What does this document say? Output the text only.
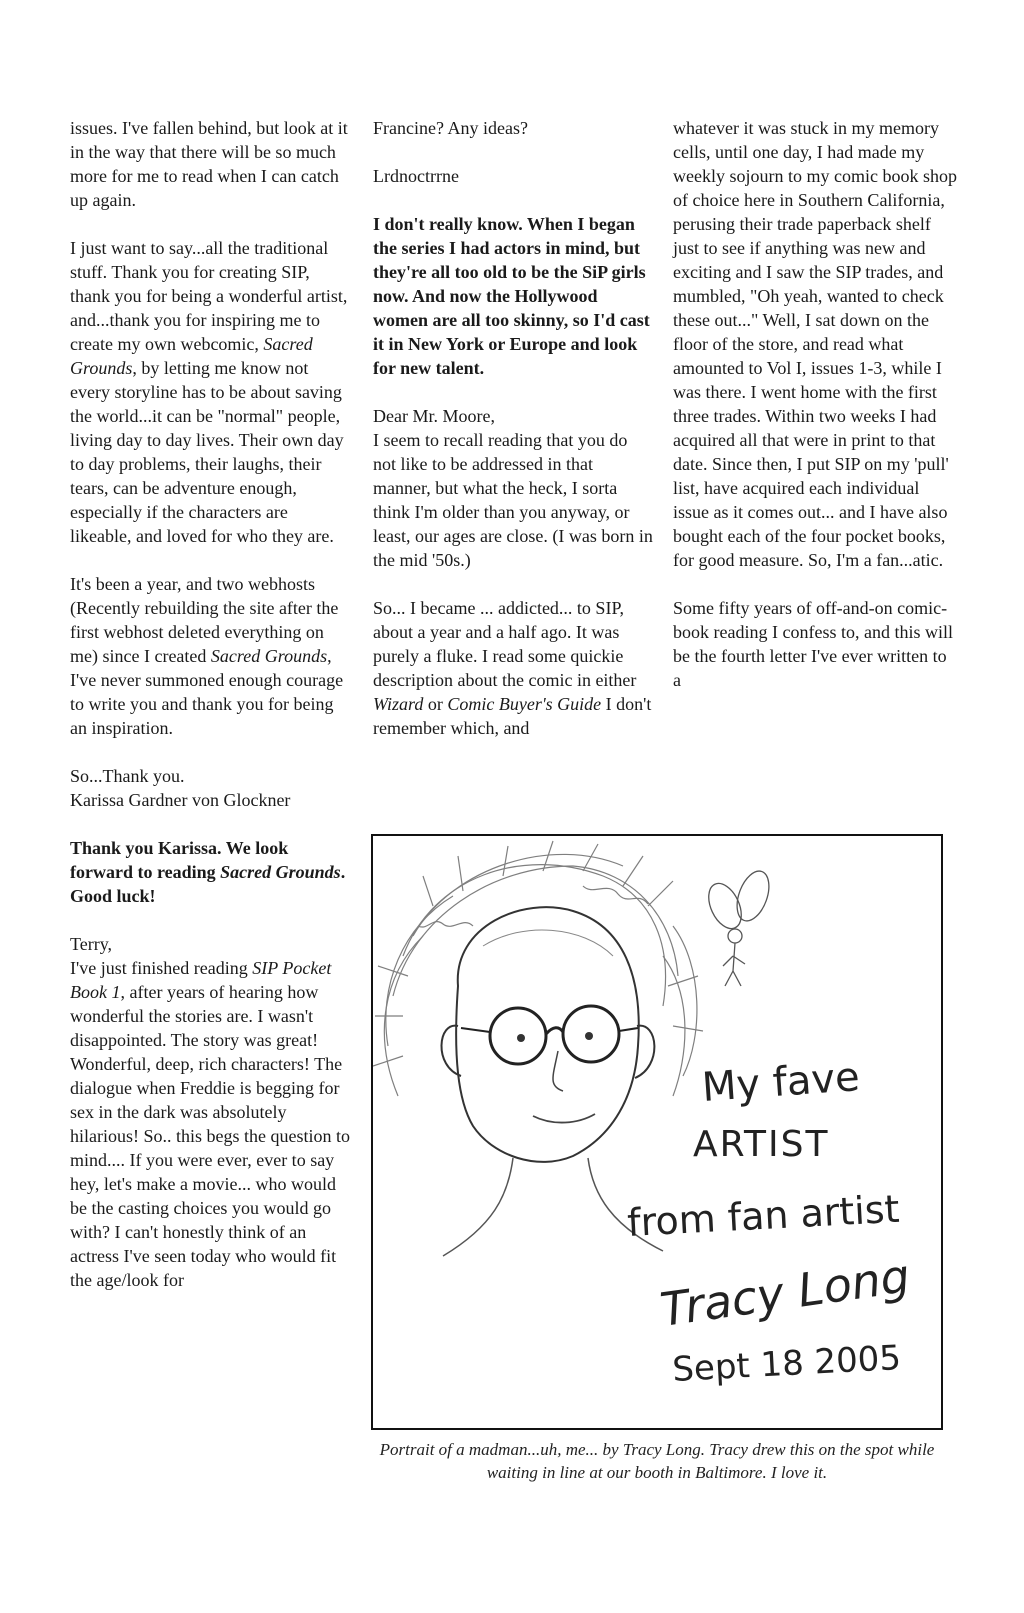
issues. I've fallen behind, but look at it in the way that there will be so much more for me to read when I can catch up again.

I just want to say...all the traditional stuff. Thank you for creating SIP, thank you for being a wonderful artist, and...thank you for inspiring me to create my own webcomic, Sacred Grounds, by letting me know not every storyline has to be about saving the world...it can be "normal" people, living day to day lives. Their own day to day problems, their laughs, their tears, can be adventure enough, especially if the characters are likeable, and loved for who they are.

It's been a year, and two webhosts (Recently rebuilding the site after the first webhost deleted everything on me) since I created Sacred Grounds, I've never summoned enough courage to write you and thank you for being an inspiration.

So...Thank you.

Karissa Gardner von Glockner

Thank you Karissa. We look forward to reading Sacred Grounds. Good luck!

Terry,

I've just finished reading SIP Pocket Book 1, after years of hearing how wonderful the stories are. I wasn't disappointed. The story was great! Wonderful, deep, rich characters! The dialogue when Freddie is begging for sex in the dark was absolutely hilarious! So.. this begs the question to mind.... If you were ever, ever to say hey, let's make a movie... who would be the casting choices you would go with? I can't honestly think of an actress I've seen today who would fit the age/look for

Francine? Any ideas?

Lrdnoctrrne

I don't really know. When I began the series I had actors in mind, but they're all too old to be the SiP girls now. And now the Hollywood women are all too skinny, so I'd cast it in New York or Europe and look for new talent.

Dear Mr. Moore,

I seem to recall reading that you do not like to be addressed in that manner, but what the heck, I sorta think I'm older than you anyway, or least, our ages are close. (I was born in the mid '50s.)

So... I became ... addicted... to SIP, about a year and a half ago. It was purely a fluke. I read some quickie description about the comic in either Wizard or Comic Buyer's Guide I don't remember which, and

whatever it was stuck in my memory cells, until one day, I had made my weekly sojourn to my comic book shop of choice here in Southern California, perusing their trade paperback shelf just to see if anything was new and exciting and I saw the SIP trades, and mumbled, "Oh yeah, wanted to check these out..." Well, I sat down on the floor of the store, and read what amounted to Vol I, issues 1-3, while I was there. I went home with the first three trades. Within two weeks I had acquired all that were in print to that date. Since then, I put SIP on my 'pull' list, have acquired each individual issue as it comes out... and I have also bought each of the four pocket books, for good measure. So, I'm a fan...atic.

Some fifty years of off-and-on comic-book reading I confess to, and this will be the fourth letter I've ever written to a

My fave
ARTIST
from fan artist
Tracy Long
Sept 18 2005
Portrait of a madman...uh, me... by Tracy Long. Tracy drew this on the spot while waiting in line at our booth in Baltimore. I love it.
